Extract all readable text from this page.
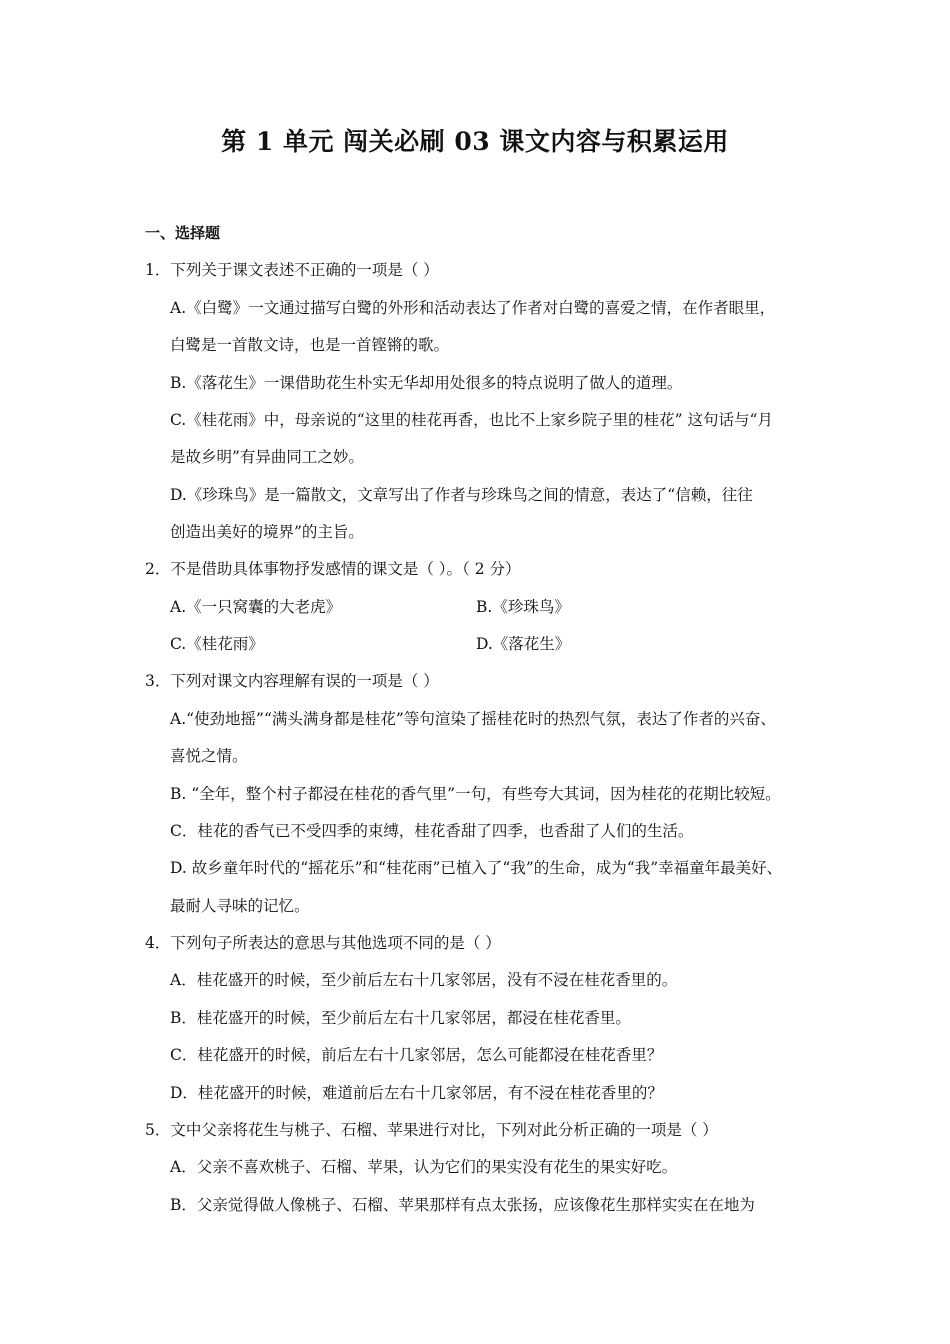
第 1 单元 闯关必刷 03 课文内容与积累运用
一、选择题
1．下列关于课文表述不正确的一项是（ ）
A.《白鹭》一文通过描写白鹭的外形和活动表达了作者对白鹭的喜爱之情，在作者眼里，
白鹭是一首散文诗，也是一首铿锵的歌。
B.《落花生》一课借助花生朴实无华却用处很多的特点说明了做人的道理。
C.《桂花雨》中，母亲说的“这里的桂花再香，也比不上家乡院子里的桂花” 这句话与“月
是故乡明”有异曲同工之妙。
D.《珍珠鸟》是一篇散文，文章写出了作者与珍珠鸟之间的情意，表达了“信赖，往往
创造出美好的境界”的主旨。
2．不是借助具体事物抒发感情的课文是（ ）。（ 2 分）
A.《一只窝囊的大老虎》	B.《珍珠鸟》
C.《桂花雨》	D.《落花生》
3．下列对课文内容理解有误的一项是（ ）
A.“使劲地摇”“满头满身都是桂花”等句渲染了摇桂花时的热烈气氛，表达了作者的兴奋、
喜悦之情。
B. “全年，整个村子都浸在桂花的香气里”一句，有些夸大其词，因为桂花的花期比较短。
C．桂花的香气已不受四季的束缚，桂花香甜了四季，也香甜了人们的生活。
D. 故乡童年时代的“摇花乐”和“桂花雨”已植入了“我”的生命，成为“我”幸福童年最美好、
最耐人寻味的记忆。
4．下列句子所表达的意思与其他选项不同的是（ ）
A．桂花盛开的时候，至少前后左右十几家邻居，没有不浸在桂花香里的。
B．桂花盛开的时候，至少前后左右十几家邻居，都浸在桂花香里。
C．桂花盛开的时候，前后左右十几家邻居，怎么可能都浸在桂花香里？
D．桂花盛开的时候，难道前后左右十几家邻居，有不浸在桂花香里的？
5．文中父亲将花生与桃子、石榴、苹果进行对比，下列对此分析正确的一项是（ ）
A．父亲不喜欢桃子、石榴、苹果，认为它们的果实没有花生的果实好吃。
B．父亲觉得做人像桃子、石榴、苹果那样有点太张扬，应该像花生那样实实在在地为
